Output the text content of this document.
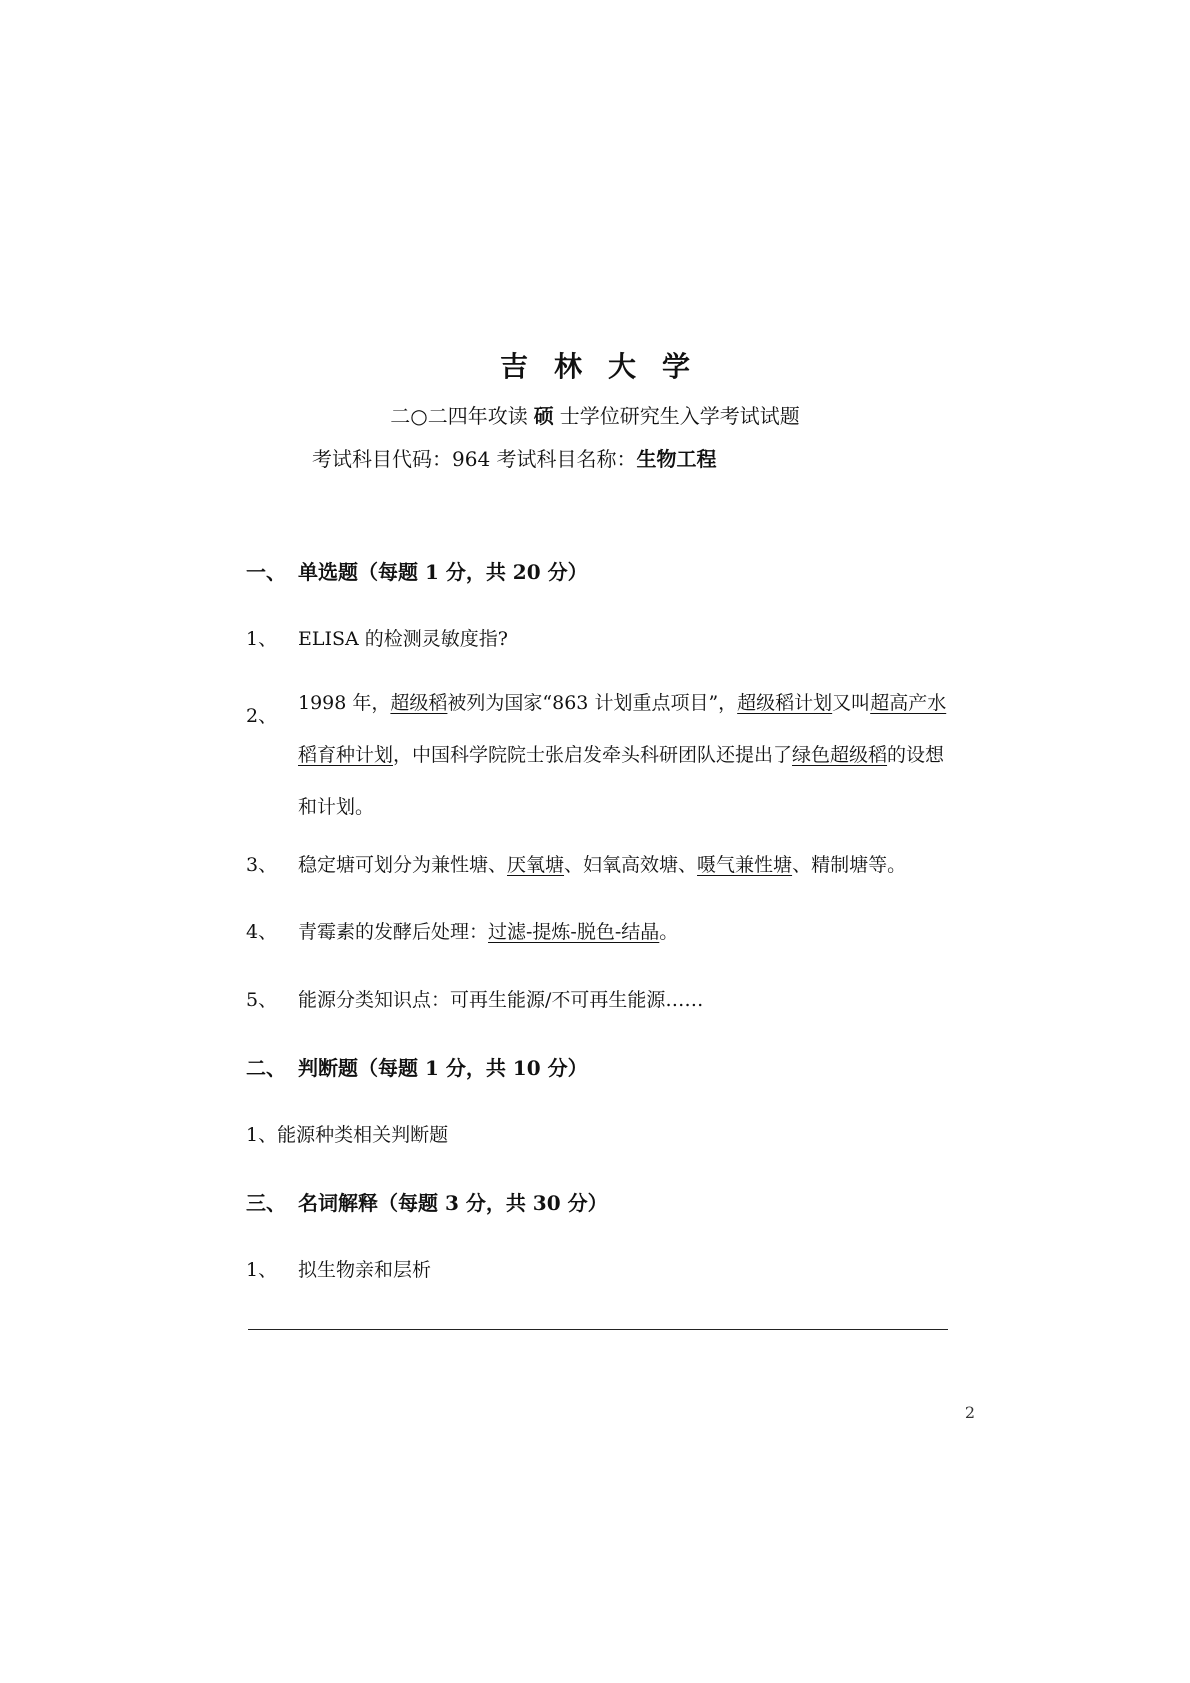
吉林大学
二○二四年攻读 硕 士学位研究生入学考试试题
考试科目代码：964 考试科目名称：生物工程
一、 单选题（每题 1 分，共 20 分）
1、 ELISA 的检测灵敏度指?
2、
1998 年，超级稻被列为国家“863 计划重点项目”，超级稻计划又叫超高产水稻育种计划，中国科学院院士张启发牵头科研团队还提出了绿色超级稻的设想和计划。
3、 稳定塘可划分为兼性塘、厌氧塘、妇氧高效塘、嗫气兼性塘、精制塘等。
4、 青霉素的发酵后处理：过滤-提炼-脱色-结晶。
5、 能源分类知识点：可再生能源/不可再生能源……
二、 判断题（每题 1 分，共 10 分）
1、能源种类相关判断题
三、 名词解释（每题 3 分，共 30 分）
1、 拟生物亲和层析
2
